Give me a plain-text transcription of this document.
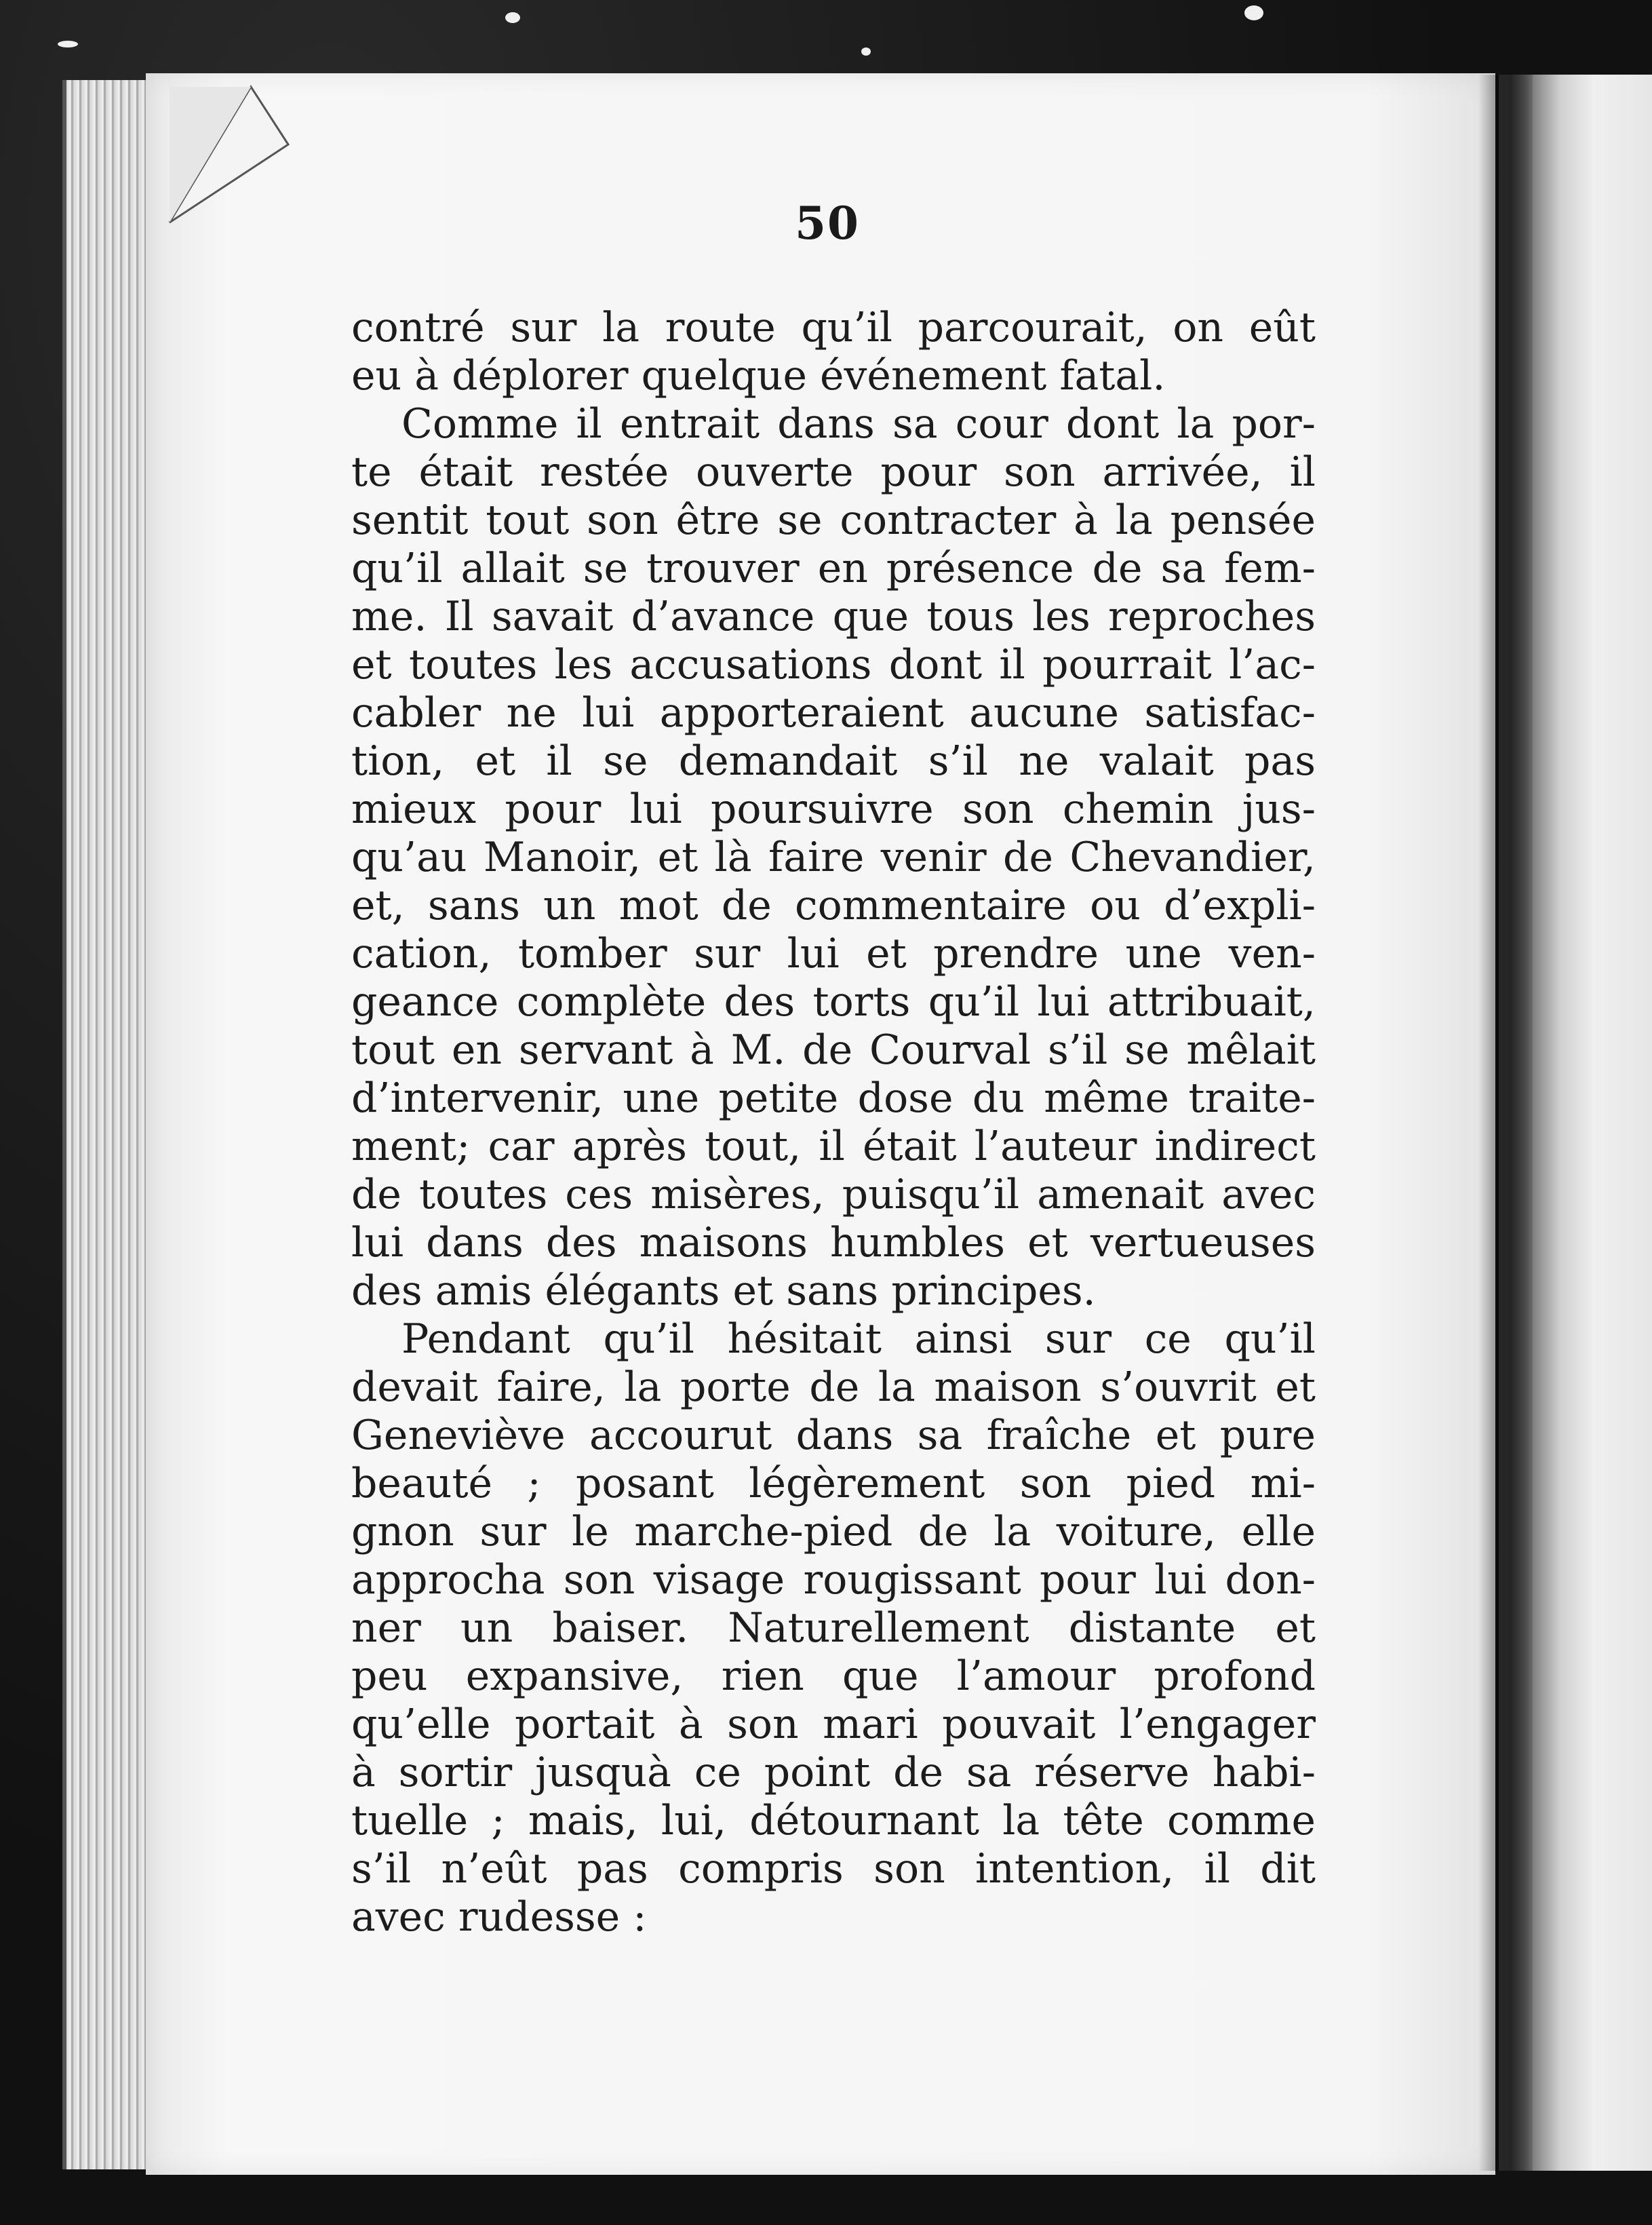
50
contré sur la route qu’il parcourait, on eût
eu à déplorer quelque événement fatal.
Comme il entrait dans sa cour dont la por-
te était restée ouverte pour son arrivée, il
sentit tout son être se contracter à la pensée
qu’il allait se trouver en présence de sa fem-
me. Il savait d’avance que tous les reproches
et toutes les accusations dont il pourrait l’ac-
cabler ne lui apporteraient aucune satisfac-
tion, et il se demandait s’il ne valait pas
mieux pour lui poursuivre son chemin jus-
qu’au Manoir, et là faire venir de Chevandier,
et, sans un mot de commentaire ou d’expli-
cation, tomber sur lui et prendre une ven-
geance complète des torts qu’il lui attribuait,
tout en servant à M. de Courval s’il se mêlait
d’intervenir, une petite dose du même traite-
ment; car après tout, il était l’auteur indirect
de toutes ces misères, puisqu’il amenait avec
lui dans des maisons humbles et vertueuses
des amis élégants et sans principes.
Pendant qu’il hésitait ainsi sur ce qu’il
devait faire, la porte de la maison s’ouvrit et
Geneviève accourut dans sa fraîche et pure
beauté ; posant légèrement son pied mi-
gnon sur le marche-pied de la voiture, elle
approcha son visage rougissant pour lui don-
ner un baiser. Naturellement distante et
peu expansive, rien que l’amour profond
qu’elle portait à son mari pouvait l’engager
à sortir jusquà ce point de sa réserve habi-
tuelle ; mais, lui, détournant la tête comme
s’il n’eût pas compris son intention, il dit
avec rudesse :
